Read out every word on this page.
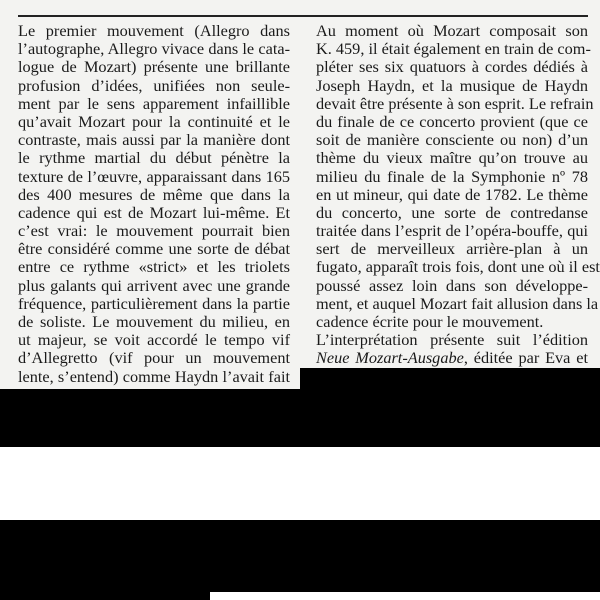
Le premier mouvement (Allegro dans
l’autographe, Allegro vivace dans le cata-
logue de Mozart) présente une brillante
profusion d’idées, unifiées non seule-
ment par le sens apparement infaillible
qu’avait Mozart pour la continuité et le
contraste, mais aussi par la manière dont
le rythme martial du début pénètre la
texture de l’œuvre, apparaissant dans 165
des 400 mesures de même que dans la
cadence qui est de Mozart lui-même. Et
c’est vrai: le mouvement pourrait bien
être considéré comme une sorte de débat
entre ce rythme «strict» et les triolets
plus galants qui arrivent avec une grande
fréquence, particulièrement dans la partie
de soliste. Le mouvement du milieu, en
ut majeur, se voit accordé le tempo vif
d’Allegretto (vif pour un mouvement
lente, s’entend) comme Haydn l’avait fait
Au moment où Mozart composait son
K. 459, il était également en train de com-
pléter ses six quatuors à cordes dédiés à
Joseph Haydn, et la musique de Haydn
devait être présente à son esprit. Le refrain
du finale de ce concerto provient (que ce
soit de manière consciente ou non) d’un
thème du vieux maître qu’on trouve au
milieu du finale de la Symphonie nº 78
en ut mineur, qui date de 1782. Le thème
du concerto, une sorte de contredanse
traitée dans l’esprit de l’opéra-bouffe, qui
sert de merveilleux arrière-plan à un
fugato, apparaît trois fois, dont une où il est
poussé assez loin dans son développe-
ment, et auquel Mozart fait allusion dans la
cadence écrite pour le mouvement.
L’interprétation présente suit l’édition
Neue Mozart-Ausgabe, éditée par Eva et
